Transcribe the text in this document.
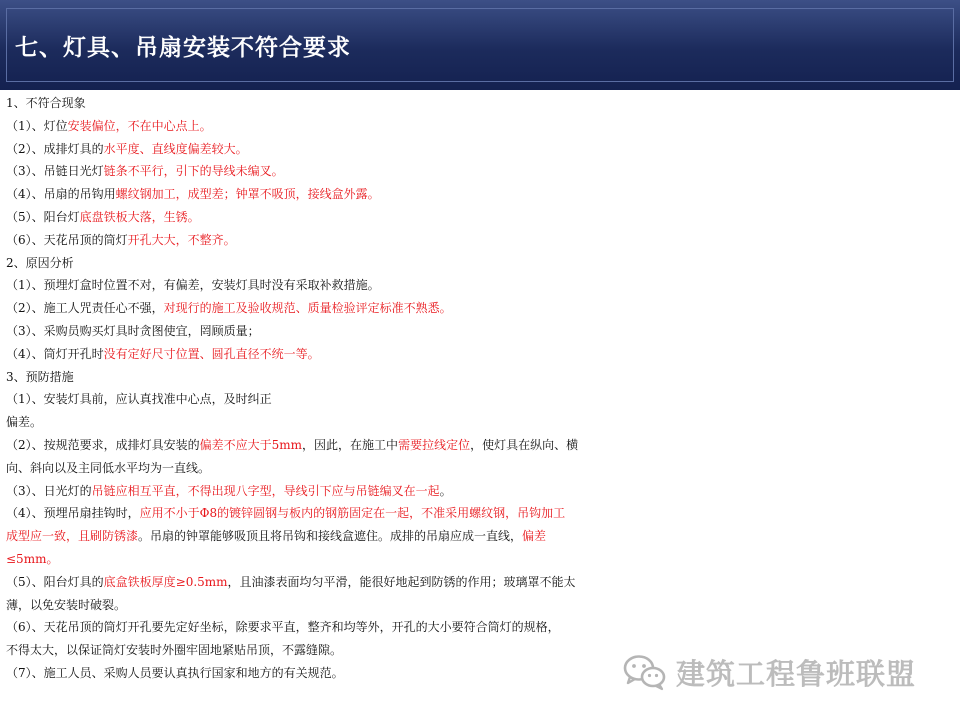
七、灯具、吊扇安装不符合要求
1、不符合现象
（1）、灯位安装偏位，不在中心点上。
（2）、成排灯具的水平度、直线度偏差较大。
（3）、吊链日光灯链条不平行，引下的导线未编叉。
（4）、吊扇的吊钩用螺纹钢加工，成型差；钟罩不吸顶，接线盒外露。
（5）、阳台灯底盘铁板大落，生锈。
（6）、天花吊顶的筒灯开孔大大，不整齐。
2、原因分析
（1）、预埋灯盒时位置不对，有偏差，安装灯具时没有采取补救措施。
（2）、施工人咒责任心不强，对现行的施工及验收规范、质量检验评定标准不熟悉。
（3）、采购员购买灯具时贪图使宜，罔顾质量；
（4）、筒灯开孔时没有定好尺寸位置、圆孔直径不统一等。
3、预防措施
（1）、安装灯具前，应认真找准中心点，及时纠正
偏差。
（2）、按规范要求，成排灯具安装的偏差不应大于5mm，因此，在施工中需要拉线定位，使灯具在纵向、横
向、斜向以及主同低水平均为一直线。
（3）、日光灯的吊链应相互平直，不得出现八字型，导线引下应与吊链编叉在一起。
（4）、预埋吊扇挂钩时，应用不小于Φ8的镀锌圆钢与板内的钢筋固定在一起，不准采用螺纹钢，吊钩加工
成型应一致，且刷防锈漆。吊扇的钟罩能够吸顶且将吊钩和接线盒遮住。成排的吊扇应成一直线，偏差
≤5mm。
（5）、阳台灯具的底盒铁板厚度≥0.5mm，且油漆表面均匀平滑，能很好地起到防锈的作用；玻璃罩不能太
薄，以免安装时破裂。
（6）、天花吊顶的筒灯开孔要先定好坐标，除要求平直，整齐和均等外，开孔的大小要符合筒灯的规格，
不得太大，以保证筒灯安装时外圈牢固地紧贴吊顶，不露缝隙。
（7）、施工人员、采购人员要认真执行国家和地方的有关规范。	建筑工程鲁班联盟
